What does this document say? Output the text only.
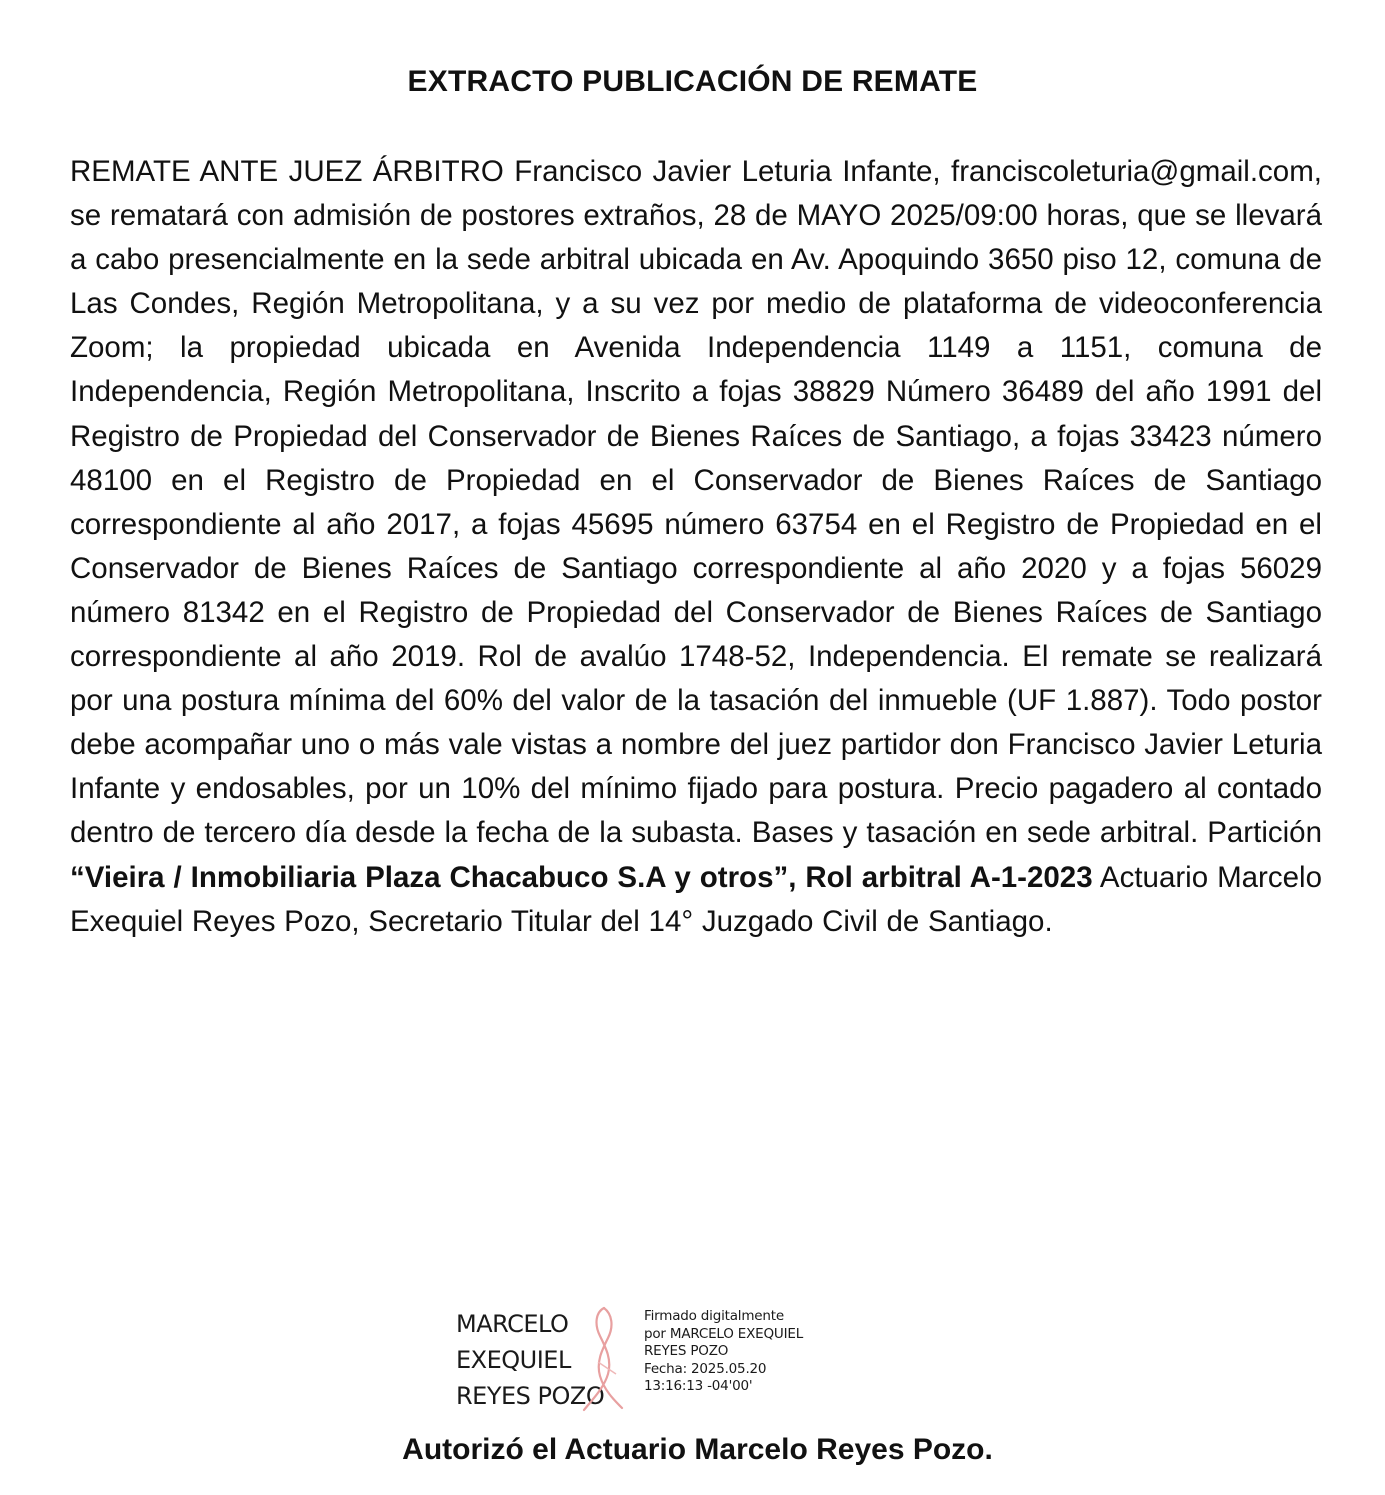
EXTRACTO PUBLICACIÓN DE REMATE
REMATE ANTE JUEZ ÁRBITRO Francisco Javier Leturia Infante, franciscoleturia@gmail.com, se rematará con admisión de postores extraños, 28 de MAYO 2025/09:00 horas, que se llevará a cabo presencialmente en la sede arbitral ubicada en Av. Apoquindo 3650 piso 12, comuna de Las Condes, Región Metropolitana, y a su vez por medio de plataforma de videoconferencia Zoom; la propiedad ubicada en Avenida Independencia 1149 a 1151, comuna de Independencia, Región Metropolitana, Inscrito a fojas 38829 Número 36489 del año 1991 del Registro de Propiedad del Conservador de Bienes Raíces de Santiago, a fojas 33423 número 48100 en el Registro de Propiedad en el Conservador de Bienes Raíces de Santiago correspondiente al año 2017, a fojas 45695 número 63754 en el Registro de Propiedad en el Conservador de Bienes Raíces de Santiago correspondiente al año 2020 y a fojas 56029 número 81342 en el Registro de Propiedad del Conservador de Bienes Raíces de Santiago correspondiente al año 2019. Rol de avalúo 1748-52, Independencia. El remate se realizará por una postura mínima del 60% del valor de la tasación del inmueble (UF 1.887). Todo postor debe acompañar uno o más vale vistas a nombre del juez partidor don Francisco Javier Leturia Infante y endosables, por un 10% del mínimo fijado para postura. Precio pagadero al contado dentro de tercero día desde la fecha de la subasta. Bases y tasación en sede arbitral. Partición “Vieira / Inmobiliaria Plaza Chacabuco S.A y otros”, Rol arbitral A-1-2023 Actuario Marcelo Exequiel Reyes Pozo, Secretario Titular del 14° Juzgado Civil de Santiago.
MARCELO
EXEQUIEL
REYES POZO
Firmado digitalmente
por MARCELO EXEQUIEL
REYES POZO
Fecha: 2025.05.20
13:16:13 -04'00'
Autorizó el Actuario Marcelo Reyes Pozo.
